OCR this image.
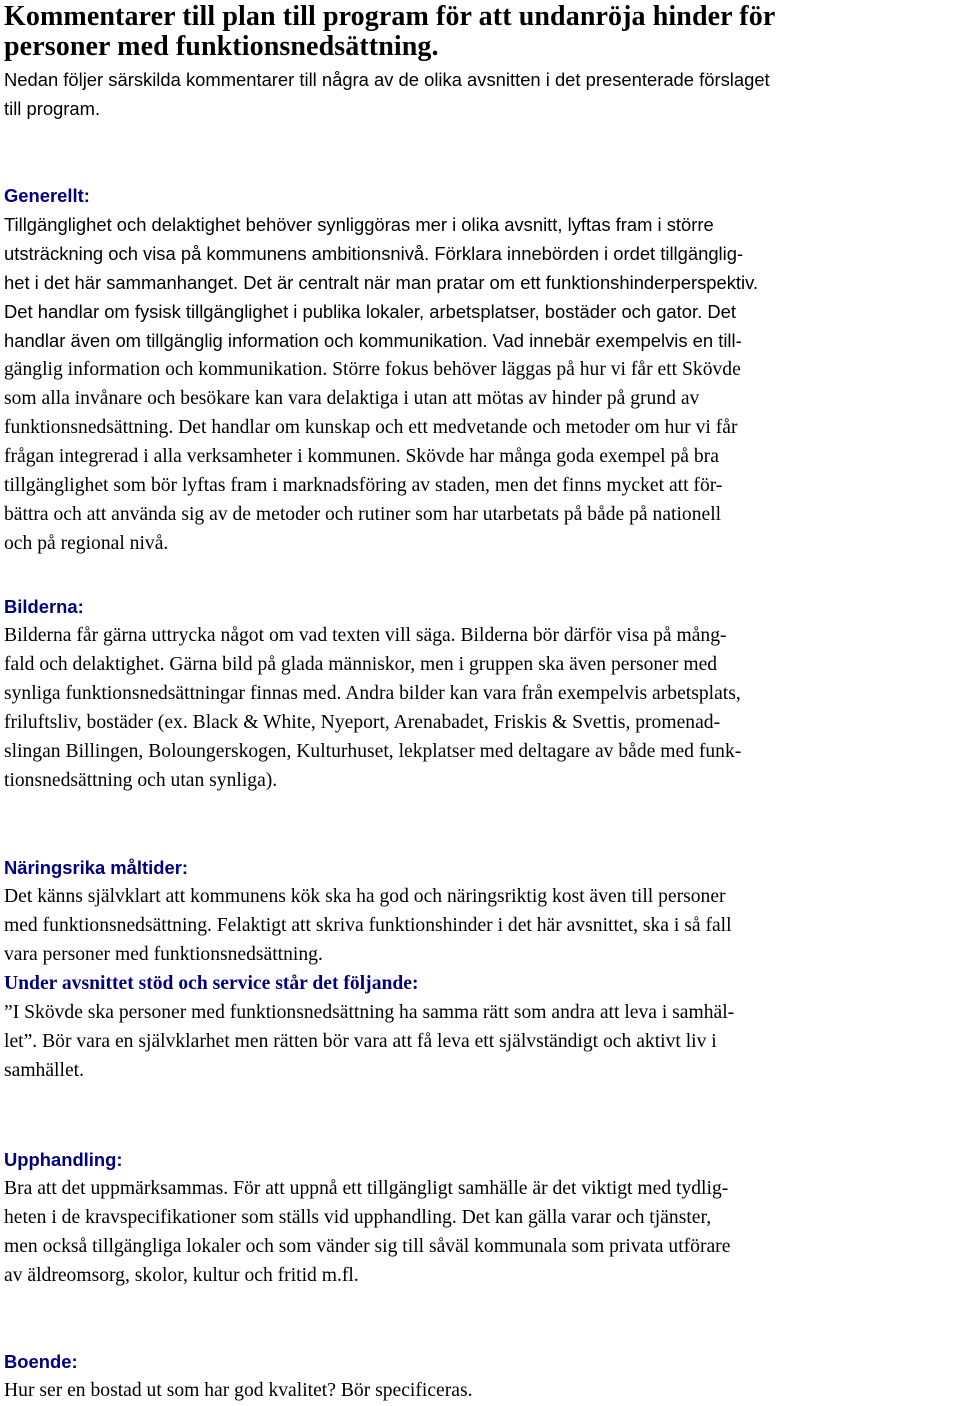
Kommentarer till plan till program för att undanröja hinder för
personer med funktionsnedsättning.
Nedan följer särskilda kommentarer till några av de olika avsnitten i det presenterade förslaget
till program.
Generellt:
Tillgänglighet och delaktighet behöver synliggöras mer i olika avsnitt, lyftas fram i större
utsträckning och visa på kommunens ambitionsnivå. Förklara innebörden i ordet tillgänglig-
het i det här sammanhanget. Det är centralt när man pratar om ett funktionshinderperspektiv.
Det handlar om fysisk tillgänglighet i publika lokaler, arbetsplatser, bostäder och gator. Det
handlar även om tillgänglig information och kommunikation. Vad innebär exempelvis en till-
gänglig information och kommunikation. Större fokus behöver läggas på hur vi får ett Skövde
som alla invånare och besökare kan vara delaktiga i utan att mötas av hinder på grund av
funktionsnedsättning. Det handlar om kunskap och ett medvetande och metoder om hur vi får
frågan integrerad i alla verksamheter i kommunen. Skövde har många goda exempel på bra
tillgänglighet som bör lyftas fram i marknadsföring av staden, men det finns mycket att för-
bättra och att använda sig av de metoder och rutiner som har utarbetats på både på nationell
och på regional nivå.
Bilderna:
Bilderna får gärna uttrycka något om vad texten vill säga. Bilderna bör därför visa på mång-
fald och delaktighet. Gärna bild på glada människor, men i gruppen ska även personer med
synliga funktionsnedsättningar finnas med. Andra bilder kan vara från exempelvis arbetsplats,
friluftsliv, bostäder (ex. Black & White, Nyeport, Arenabadet, Friskis & Svettis, promenad-
slingan Billingen, Boloungerskogen, Kulturhuset, lekplatser med deltagare av både med funk-
tionsnedsättning och utan synliga).
Näringsrika måltider:
Det känns självklart att kommunens kök ska ha god och näringsriktig kost även till personer
med funktionsnedsättning. Felaktigt att skriva funktionshinder i det här avsnittet, ska i så fall
vara personer med funktionsnedsättning.
Under avsnittet stöd och service står det följande:
”I Skövde ska personer med funktionsnedsättning ha samma rätt som andra att leva i samhäl-
let”. Bör vara en självklarhet men rätten bör vara att få leva ett självständigt och aktivt liv i
samhället.
Upphandling:
Bra att det uppmärksammas. För att uppnå ett tillgängligt samhälle är det viktigt med tydlig-
heten i de kravspecifikationer som ställs vid upphandling. Det kan gälla varar och tjänster,
men också tillgängliga lokaler och som vänder sig till såväl kommunala som privata utförare
av äldreomsorg, skolor, kultur och fritid m.fl.
Boende:
Hur ser en bostad ut som har god kvalitet? Bör specificeras.
